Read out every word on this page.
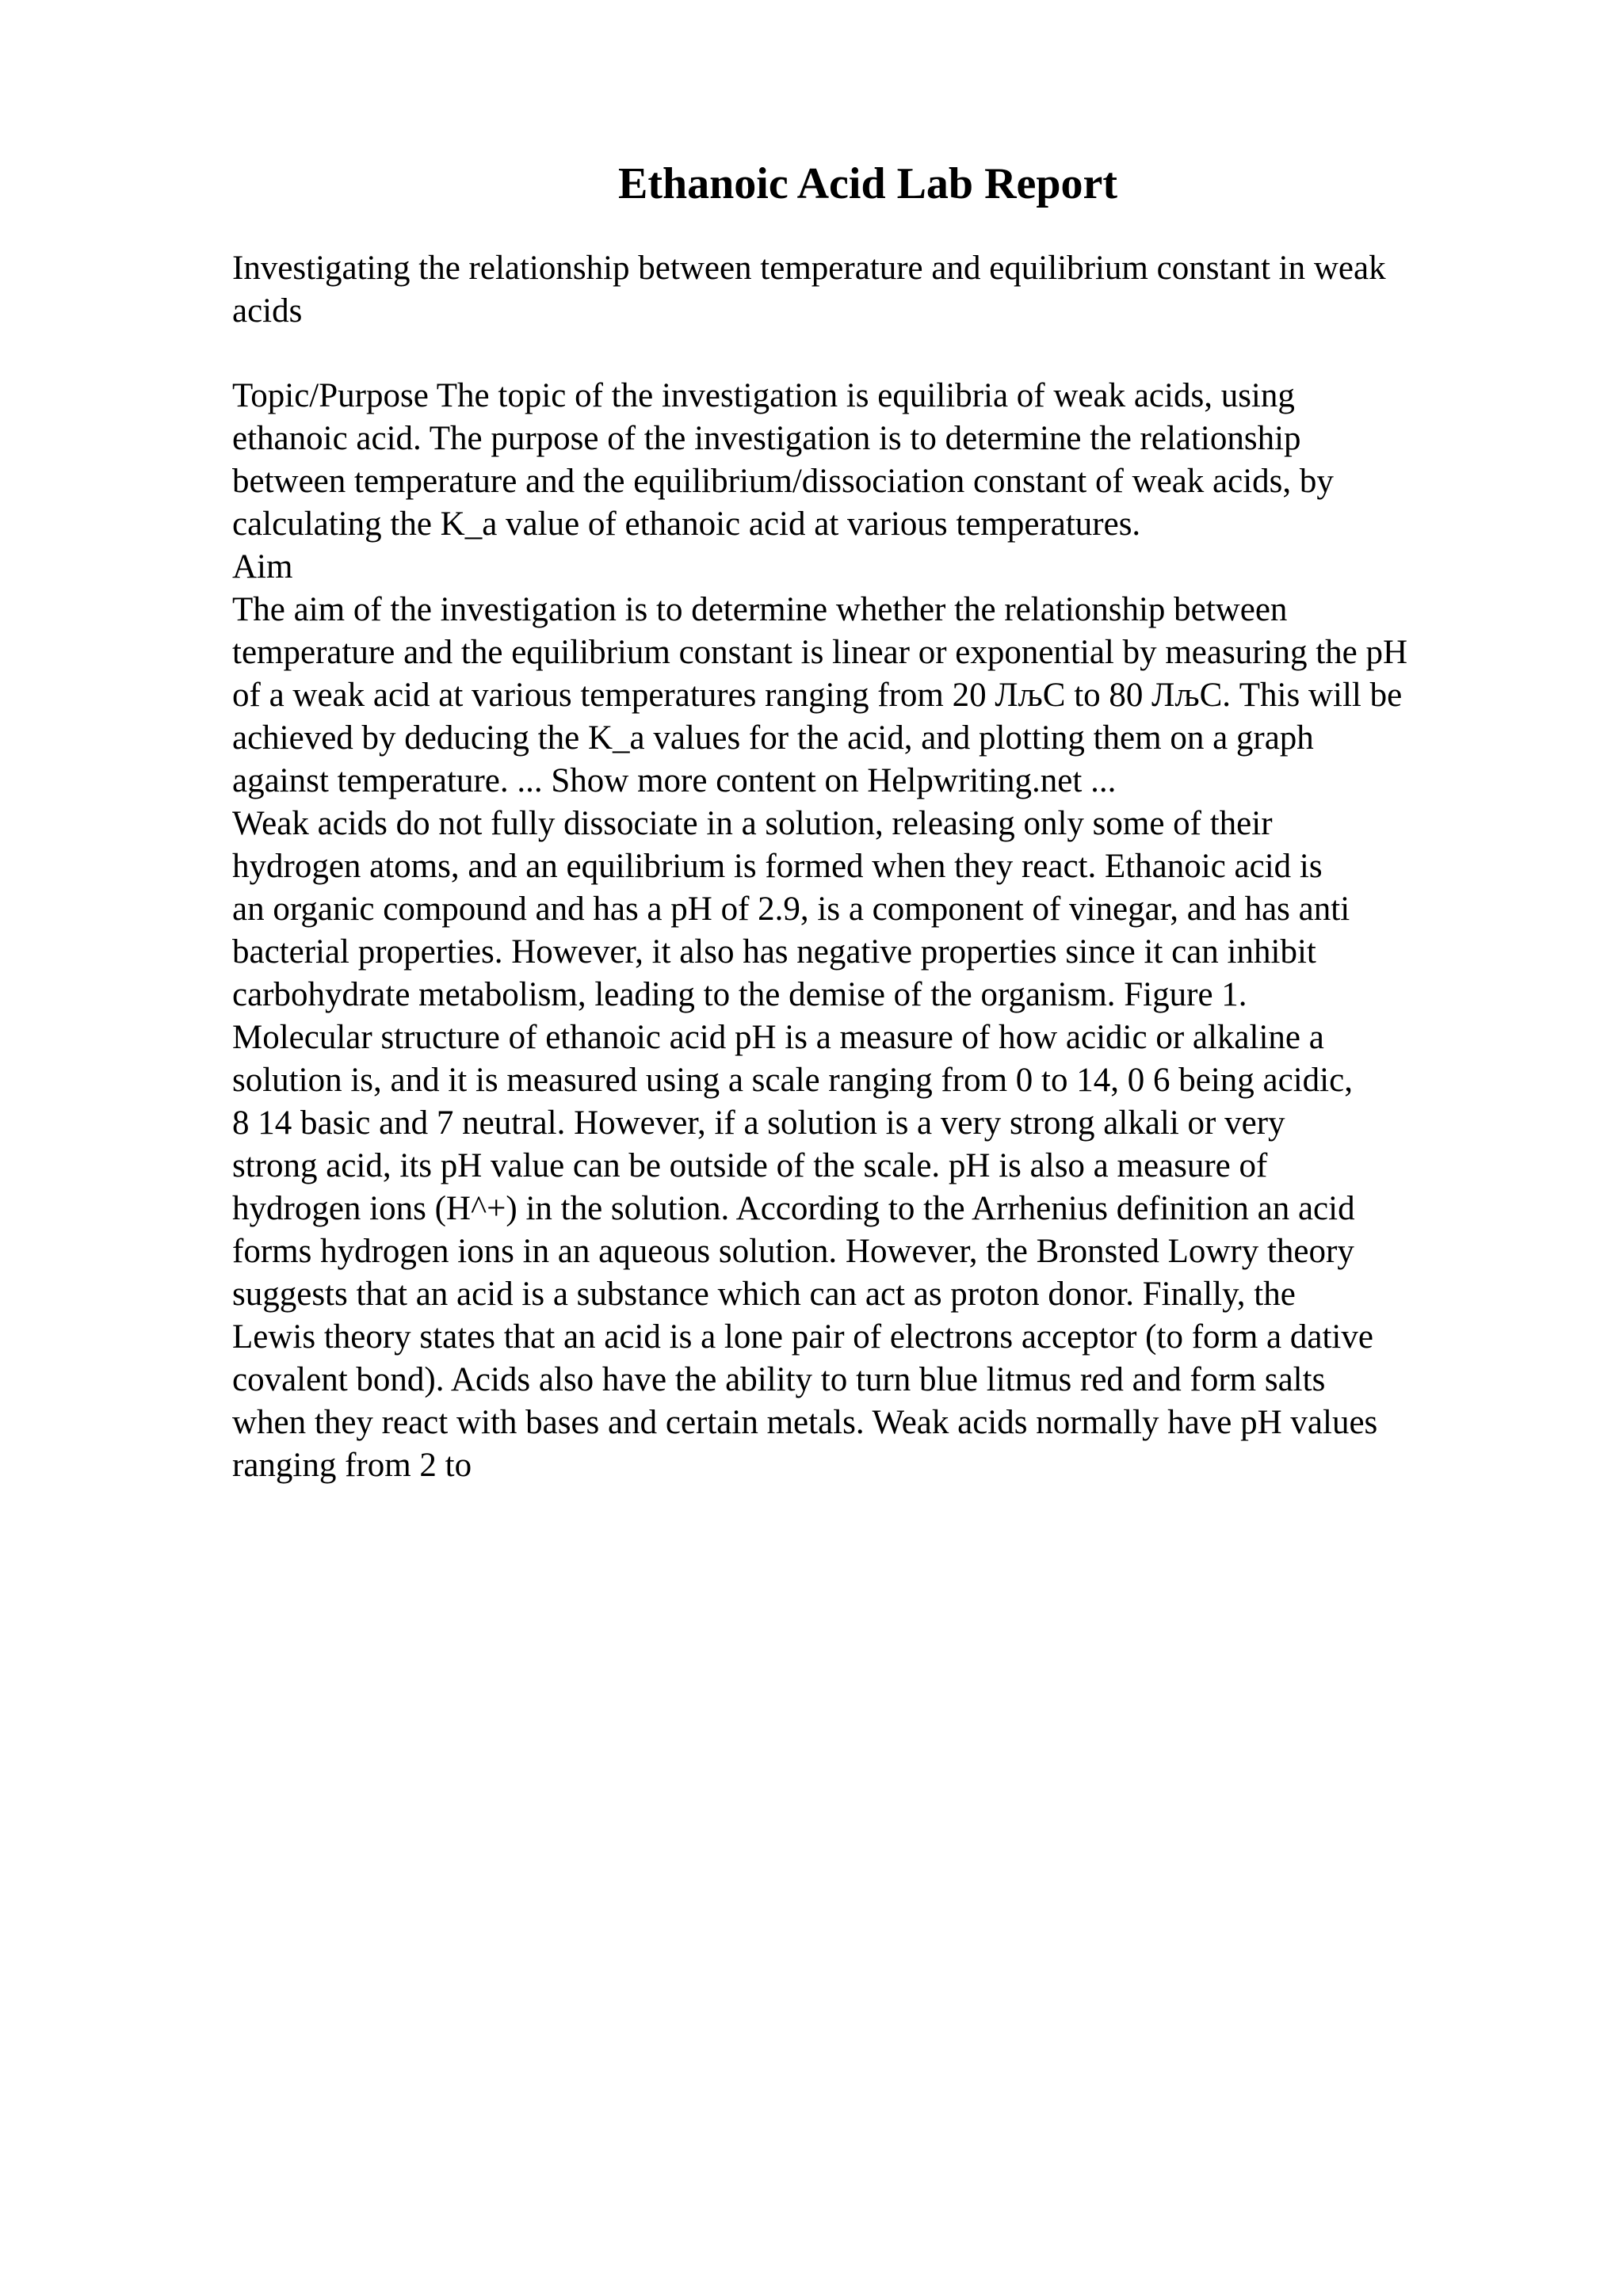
Ethanoic Acid Lab Report
Investigating the relationship between temperature and equilibrium constant in weak
acids
Topic/Purpose The topic of the investigation is equilibria of weak acids, using
ethanoic acid. The purpose of the investigation is to determine the relationship
between temperature and the equilibrium/dissociation constant of weak acids, by
calculating the K_a value of ethanoic acid at various temperatures.
Aim
The aim of the investigation is to determine whether the relationship between
temperature and the equilibrium constant is linear or exponential by measuring the pH
of a weak acid at various temperatures ranging from 20 ЛљС to 80 ЛљС. This will be
achieved by deducing the K_a values for the acid, and plotting them on a graph
against temperature. ... Show more content on Helpwriting.net ...
Weak acids do not fully dissociate in a solution, releasing only some of their
hydrogen atoms, and an equilibrium is formed when they react. Ethanoic acid is
an organic compound and has a pH of 2.9, is a component of vinegar, and has anti
bacterial properties. However, it also has negative properties since it can inhibit
carbohydrate metabolism, leading to the demise of the organism. Figure 1.
Molecular structure of ethanoic acid pH is a measure of how acidic or alkaline a
solution is, and it is measured using a scale ranging from 0 to 14, 0 6 being acidic,
8 14 basic and 7 neutral. However, if a solution is a very strong alkali or very
strong acid, its pH value can be outside of the scale. pH is also a measure of
hydrogen ions (H^+) in the solution. According to the Arrhenius definition an acid
forms hydrogen ions in an aqueous solution. However, the Bronsted Lowry theory
suggests that an acid is a substance which can act as proton donor. Finally, the
Lewis theory states that an acid is a lone pair of electrons acceptor (to form a dative
covalent bond). Acids also have the ability to turn blue litmus red and form salts
when they react with bases and certain metals. Weak acids normally have pH values
ranging from 2 to
